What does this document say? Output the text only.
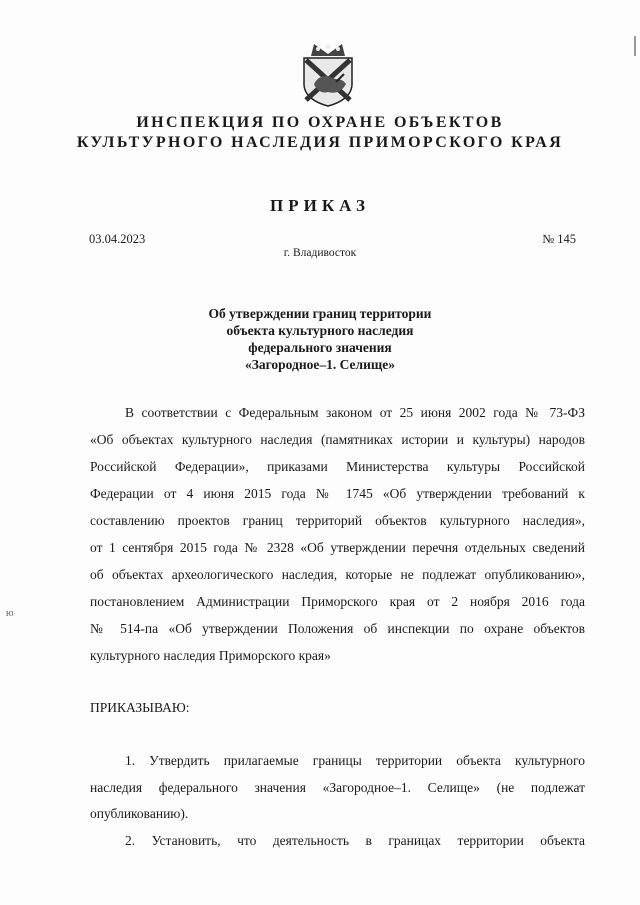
ИНСПЕКЦИЯ ПО ОХРАНЕ ОБЪЕКТОВ
КУЛЬТУРНОГО НАСЛЕДИЯ ПРИМОРСКОГО КРАЯ
ПРИКАЗ
03.04.2023	№ 145
г. Владивосток
Об утверждении границ территории
объекта культурного наследия
федерального значения
«Загородное–1. Селище»
В соответствии с Федеральным законом от 25 июня 2002 года № 73-ФЗ
«Об объектах культурного наследия (памятниках истории и культуры) народов
Российской Федерации», приказами Министерства культуры Российской
Федерации от 4 июня 2015 года № 1745 «Об утверждении требований к
составлению проектов границ территорий объектов культурного наследия»,
от 1 сентября 2015 года № 2328 «Об утверждении перечня отдельных сведений
об объектах археологического наследия, которые не подлежат опубликованию»,
постановлением Администрации Приморского края от 2 ноября 2016 года
№ 514-па «Об утверждении Положения об инспекции по охране объектов
культурного наследия Приморского края»
ПРИКАЗЫВАЮ:
1. Утвердить прилагаемые границы территории объекта культурного
наследия федерального значения «Загородное–1. Селище» (не подлежат
опубликованию).
2. Установить, что деятельность в границах территории объекта
ю
